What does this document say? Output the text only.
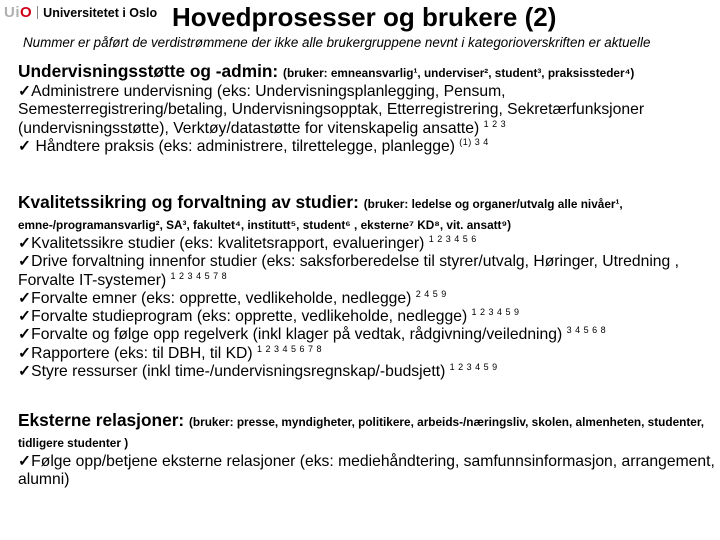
UiO Universitetet i Oslo Hovedprosesser og brukere (2)
Nummer er påført de verdistrømmene der ikke alle brukergruppene nevnt i kategorioverskriften er aktuelle
Undervisningsstøtte og -admin: (bruker: emneansvarlig¹, underviser², student³, praksissteder⁴)
✓Administrere undervisning (eks: Undervisningsplanlegging, Pensum, Semesterregistrering/betaling, Undervisningsopptak, Etterregistrering, Sekretærfunksjoner (undervisningsstøtte), Verktøy/datastøtte for vitenskapelig ansatte) $^{1 2 3}$
✓ Håndtere praksis (eks: administrere, tilrettelegge, planlegge) $^{(1) 3 4}$
Kvalitetssikring og forvaltning av studier: (bruker: ledelse og organer/utvalg alle nivåer¹, emne-/programansvarlig², SA³, fakultet⁴, institutt⁵, student⁶ , eksterne⁷ KD⁸, vit. ansatt⁹)
✓Kvalitetssikre studier (eks: kvalitetsrapport, evalueringer) $^{1 2 3 4 5 6}$
✓Drive forvaltning innenfor studier (eks: saksforberedelse til styrer/utvalg, Høringer, Utredning , Forvalte IT-systemer) $^{1 2 3 4 5 7 8}$
✓Forvalte emner (eks: opprette, vedlikeholde, nedlegge) $^{2 4 5 9}$
✓Forvalte studieprogram (eks: opprette, vedlikeholde, nedlegge) $^{1 2 3 4 5 9}$
✓Forvalte og følge opp regelverk (inkl klager på vedtak, rådgivning/veiledning) $^{3 4 5 6 8}$
✓Rapportere (eks: til DBH, til KD) $^{1 2 3 4 5 6 7 8}$
✓Styre ressurser (inkl time-/undervisningsregnskap/-budsjett) $^{1 2 3 4 5 9}$
Eksterne relasjoner: (bruker: presse, myndigheter, politikere, arbeids-/næringsliv, skolen, almenheten, studenter, tidligere studenter )
✓Følge opp/betjene eksterne relasjoner (eks: mediehåndtering, samfunnsinformasjon, arrangement, alumni)
